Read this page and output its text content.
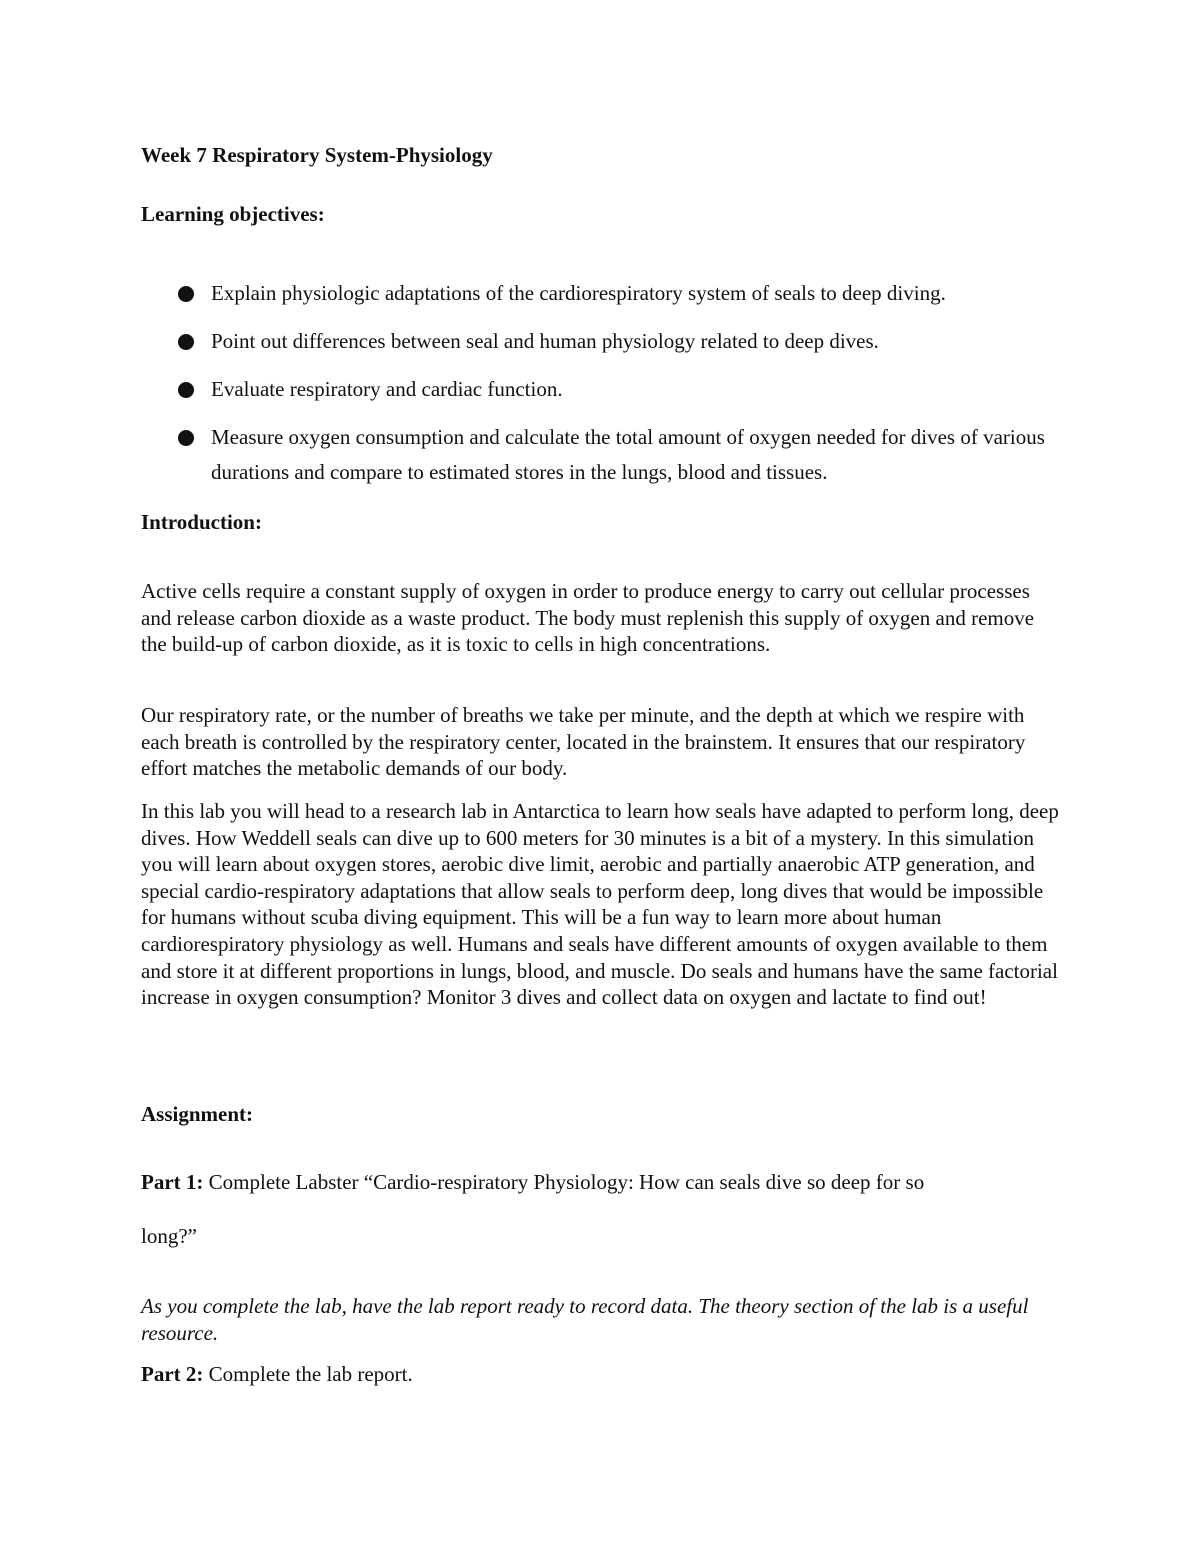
Week 7 Respiratory System-Physiology
Learning objectives:
Explain physiologic adaptations of the cardiorespiratory system of seals to deep diving.
Point out differences between seal and human physiology related to deep dives.
Evaluate respiratory and cardiac function.
Measure oxygen consumption and calculate the total amount of oxygen needed for dives of various durations and compare to estimated stores in the lungs, blood and tissues.
Introduction:

Active cells require a constant supply of oxygen in order to produce energy to carry out cellular processes and release carbon dioxide as a waste product. The body must replenish this supply of oxygen and remove the build-up of carbon dioxide, as it is toxic to cells in high concentrations.

Our respiratory rate, or the number of breaths we take per minute, and the depth at which we respire with each breath is controlled by the respiratory center, located in the brainstem. It ensures that our respiratory effort matches the metabolic demands of our body.

In this lab you will head to a research lab in Antarctica to learn how seals have adapted to perform long, deep dives. How Weddell seals can dive up to 600 meters for 30 minutes is a bit of a mystery. In this simulation you will learn about oxygen stores, aerobic dive limit, aerobic and partially anaerobic ATP generation, and special cardio-respiratory adaptations that allow seals to perform deep, long dives that would be impossible for humans without scuba diving equipment. This will be a fun way to learn more about human cardiorespiratory physiology as well. Humans and seals have different amounts of oxygen available to them and store it at different proportions in lungs, blood, and muscle. Do seals and humans have the same factorial increase in oxygen consumption? Monitor 3 dives and collect data on oxygen and lactate to find out!

Assignment:
Part 1: Complete Labster “Cardio-respiratory Physiology: How can seals dive so deep for so
long?”

As you complete the lab, have the lab report ready to record data. The theory section of the lab is a useful resource.

Part 2: Complete the lab report.
